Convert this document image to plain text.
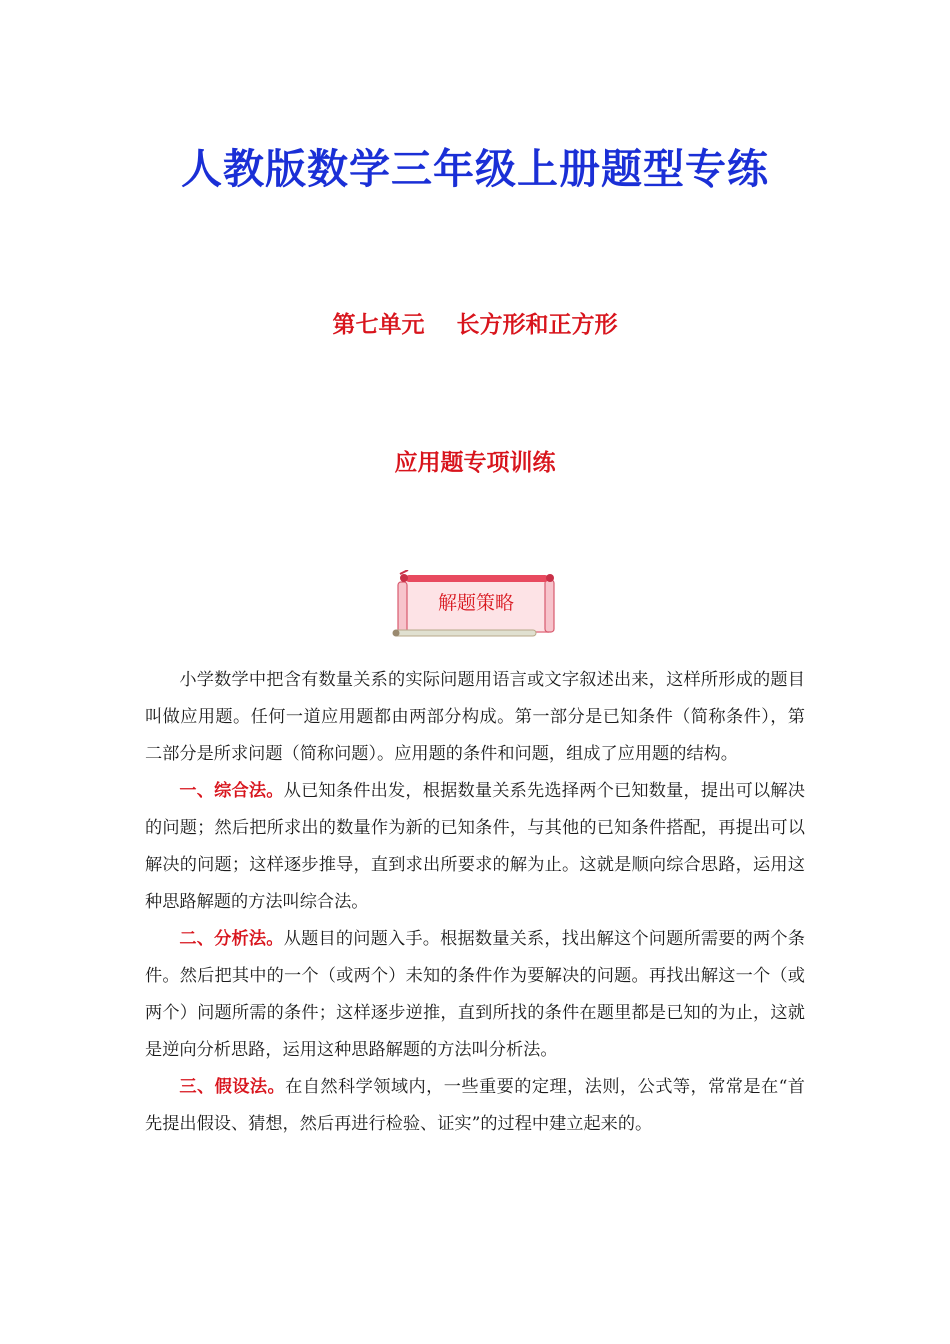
人教版数学三年级上册题型专练
第七单元    长方形和正方形
应用题专项训练
解题策略

小学数学中把含有数量关系的实际问题用语言或文字叙述出来，这样所形成的题目叫做应用题。任何一道应用题都由两部分构成。第一部分是已知条件（简称条件），第二部分是所求问题（简称问题）。应用题的条件和问题，组成了应用题的结构。

一、综合法。从已知条件出发，根据数量关系先选择两个已知数量，提出可以解决的问题；然后把所求出的数量作为新的已知条件，与其他的已知条件搭配，再提出可以解决的问题；这样逐步推导，直到求出所要求的解为止。这就是顺向综合思路，运用这种思路解题的方法叫综合法。

二、分析法。从题目的问题入手。根据数量关系，找出解这个问题所需要的两个条件。然后把其中的一个（或两个）未知的条件作为要解决的问题。再找出解这一个（或两个）问题所需的条件；这样逐步逆推，直到所找的条件在题里都是已知的为止，这就是逆向分析思路，运用这种思路解题的方法叫分析法。

三、假设法。在自然科学领域内，一些重要的定理，法则，公式等，常常是在“首先提出假设、猜想，然后再进行检验、证实”的过程中建立起来的。
